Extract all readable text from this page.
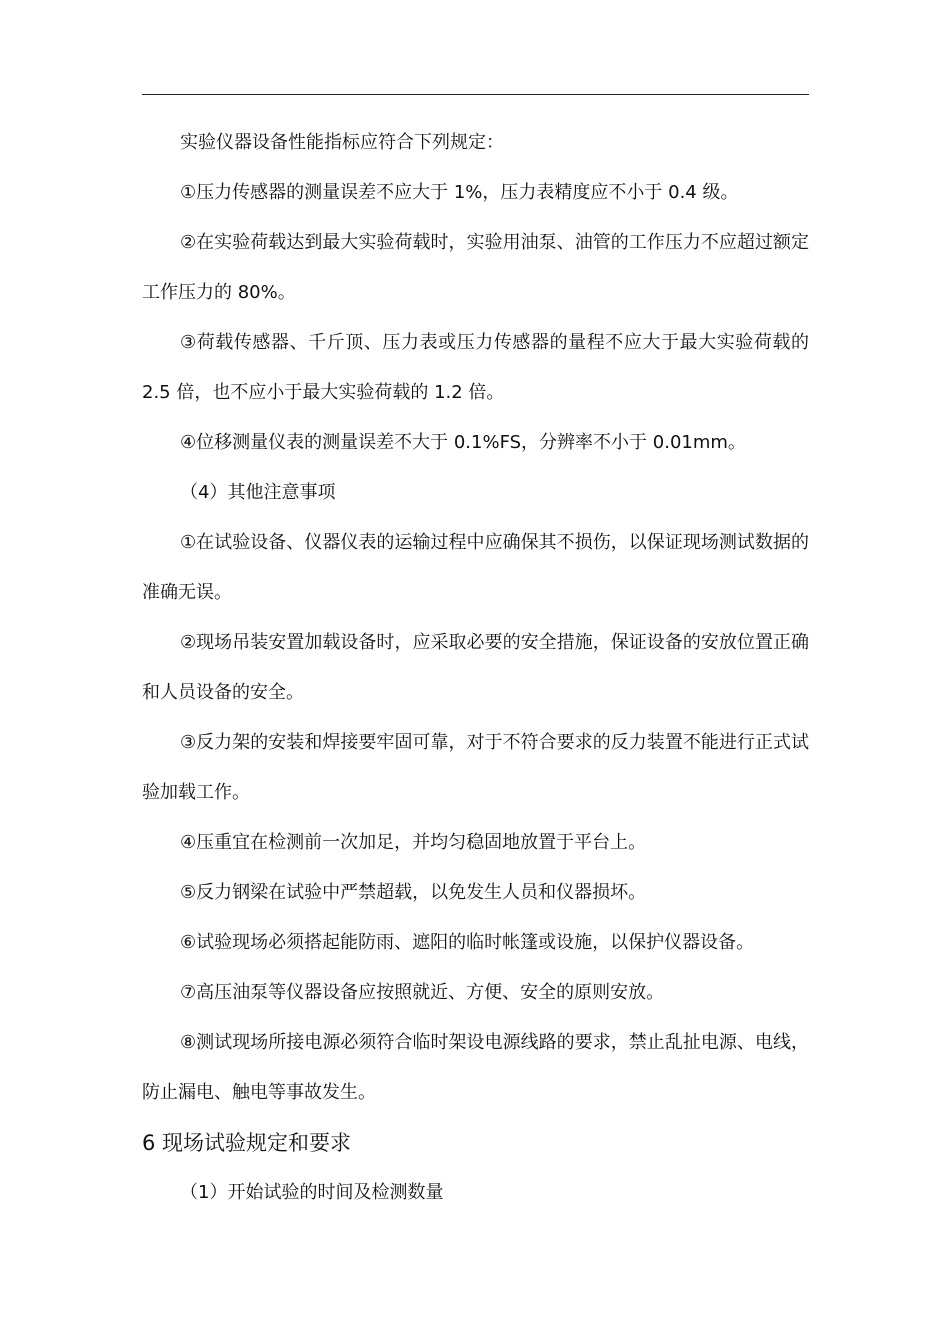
实验仪器设备性能指标应符合下列规定：

①压力传感器的测量误差不应大于 1%，压力表精度应不小于 0.4 级。

②在实验荷载达到最大实验荷载时，实验用油泵、油管的工作压力不应超过额定工作压力的 80%。

③荷载传感器、千斤顶、压力表或压力传感器的量程不应大于最大实验荷载的 2.5 倍，也不应小于最大实验荷载的 1.2 倍。

④位移测量仪表的测量误差不大于 0.1%FS，分辨率不小于 0.01mm。

（4）其他注意事项

①在试验设备、仪器仪表的运输过程中应确保其不损伤，以保证现场测试数据的准确无误。

②现场吊装安置加载设备时，应采取必要的安全措施，保证设备的安放位置正确和人员设备的安全。

③反力架的安装和焊接要牢固可靠，对于不符合要求的反力装置不能进行正式试验加载工作。

④压重宜在检测前一次加足，并均匀稳固地放置于平台上。

⑤反力钢梁在试验中严禁超载，以免发生人员和仪器损坏。

⑥试验现场必须搭起能防雨、遮阳的临时帐篷或设施，以保护仪器设备。

⑦高压油泵等仪器设备应按照就近、方便、安全的原则安放。

⑧测试现场所接电源必须符合临时架设电源线路的要求，禁止乱扯电源、电线，防止漏电、触电等事故发生。

6 现场试验规定和要求

（1）开始试验的时间及检测数量
